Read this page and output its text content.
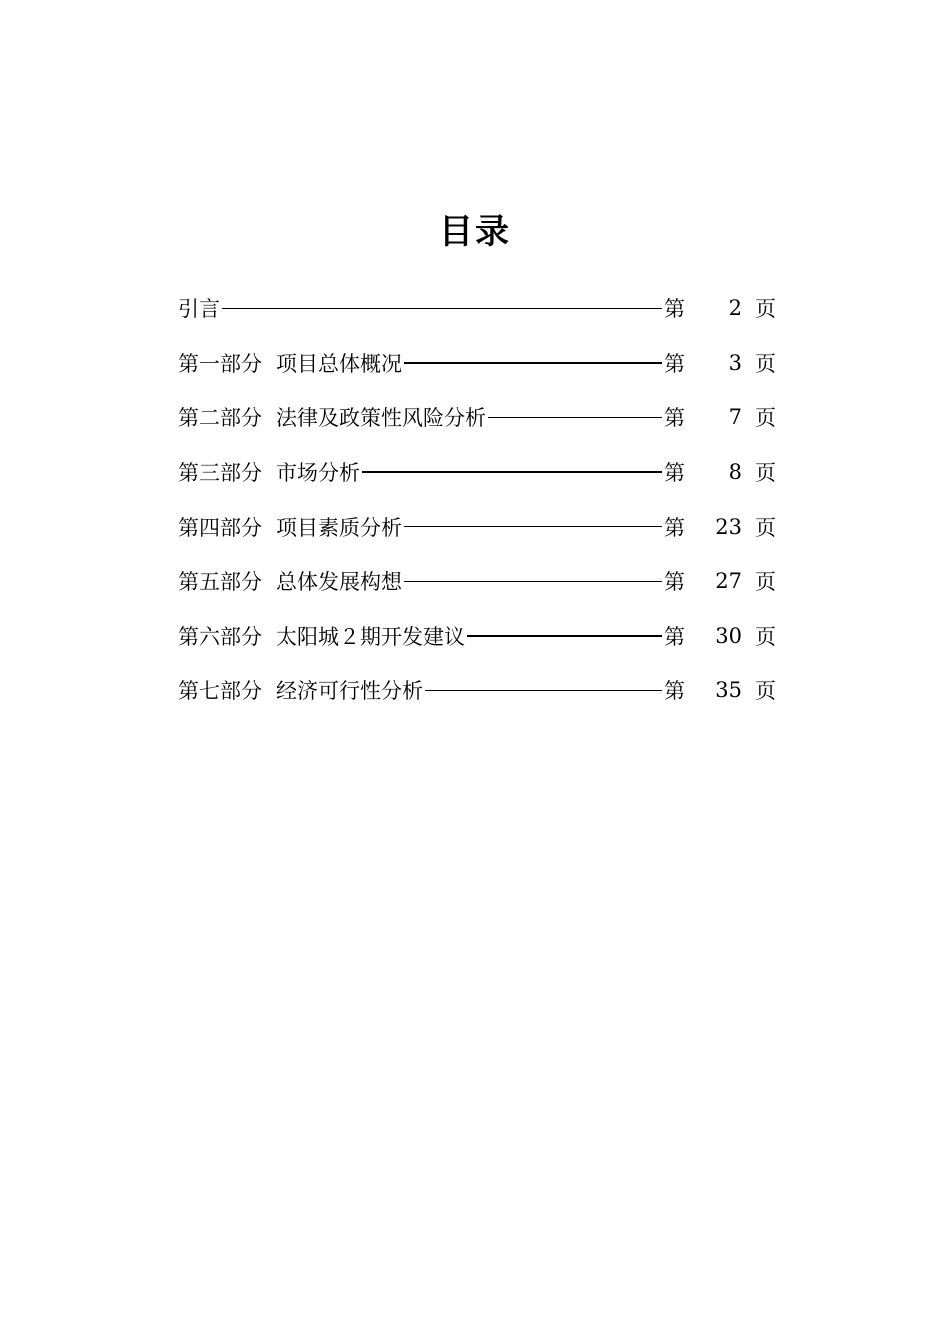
目录
引言	第	2 页
第一部分 项目总体概况	第	3 页
第二部分 法律及政策性风险分析	第	7 页
第三部分 市场分析	第	8 页
第四部分 项目素质分析	第	23 页
第五部分 总体发展构想	第	27 页
第六部分 太阳城２期开发建议	第	30 页
第七部分 经济可行性分析	第	35 页
